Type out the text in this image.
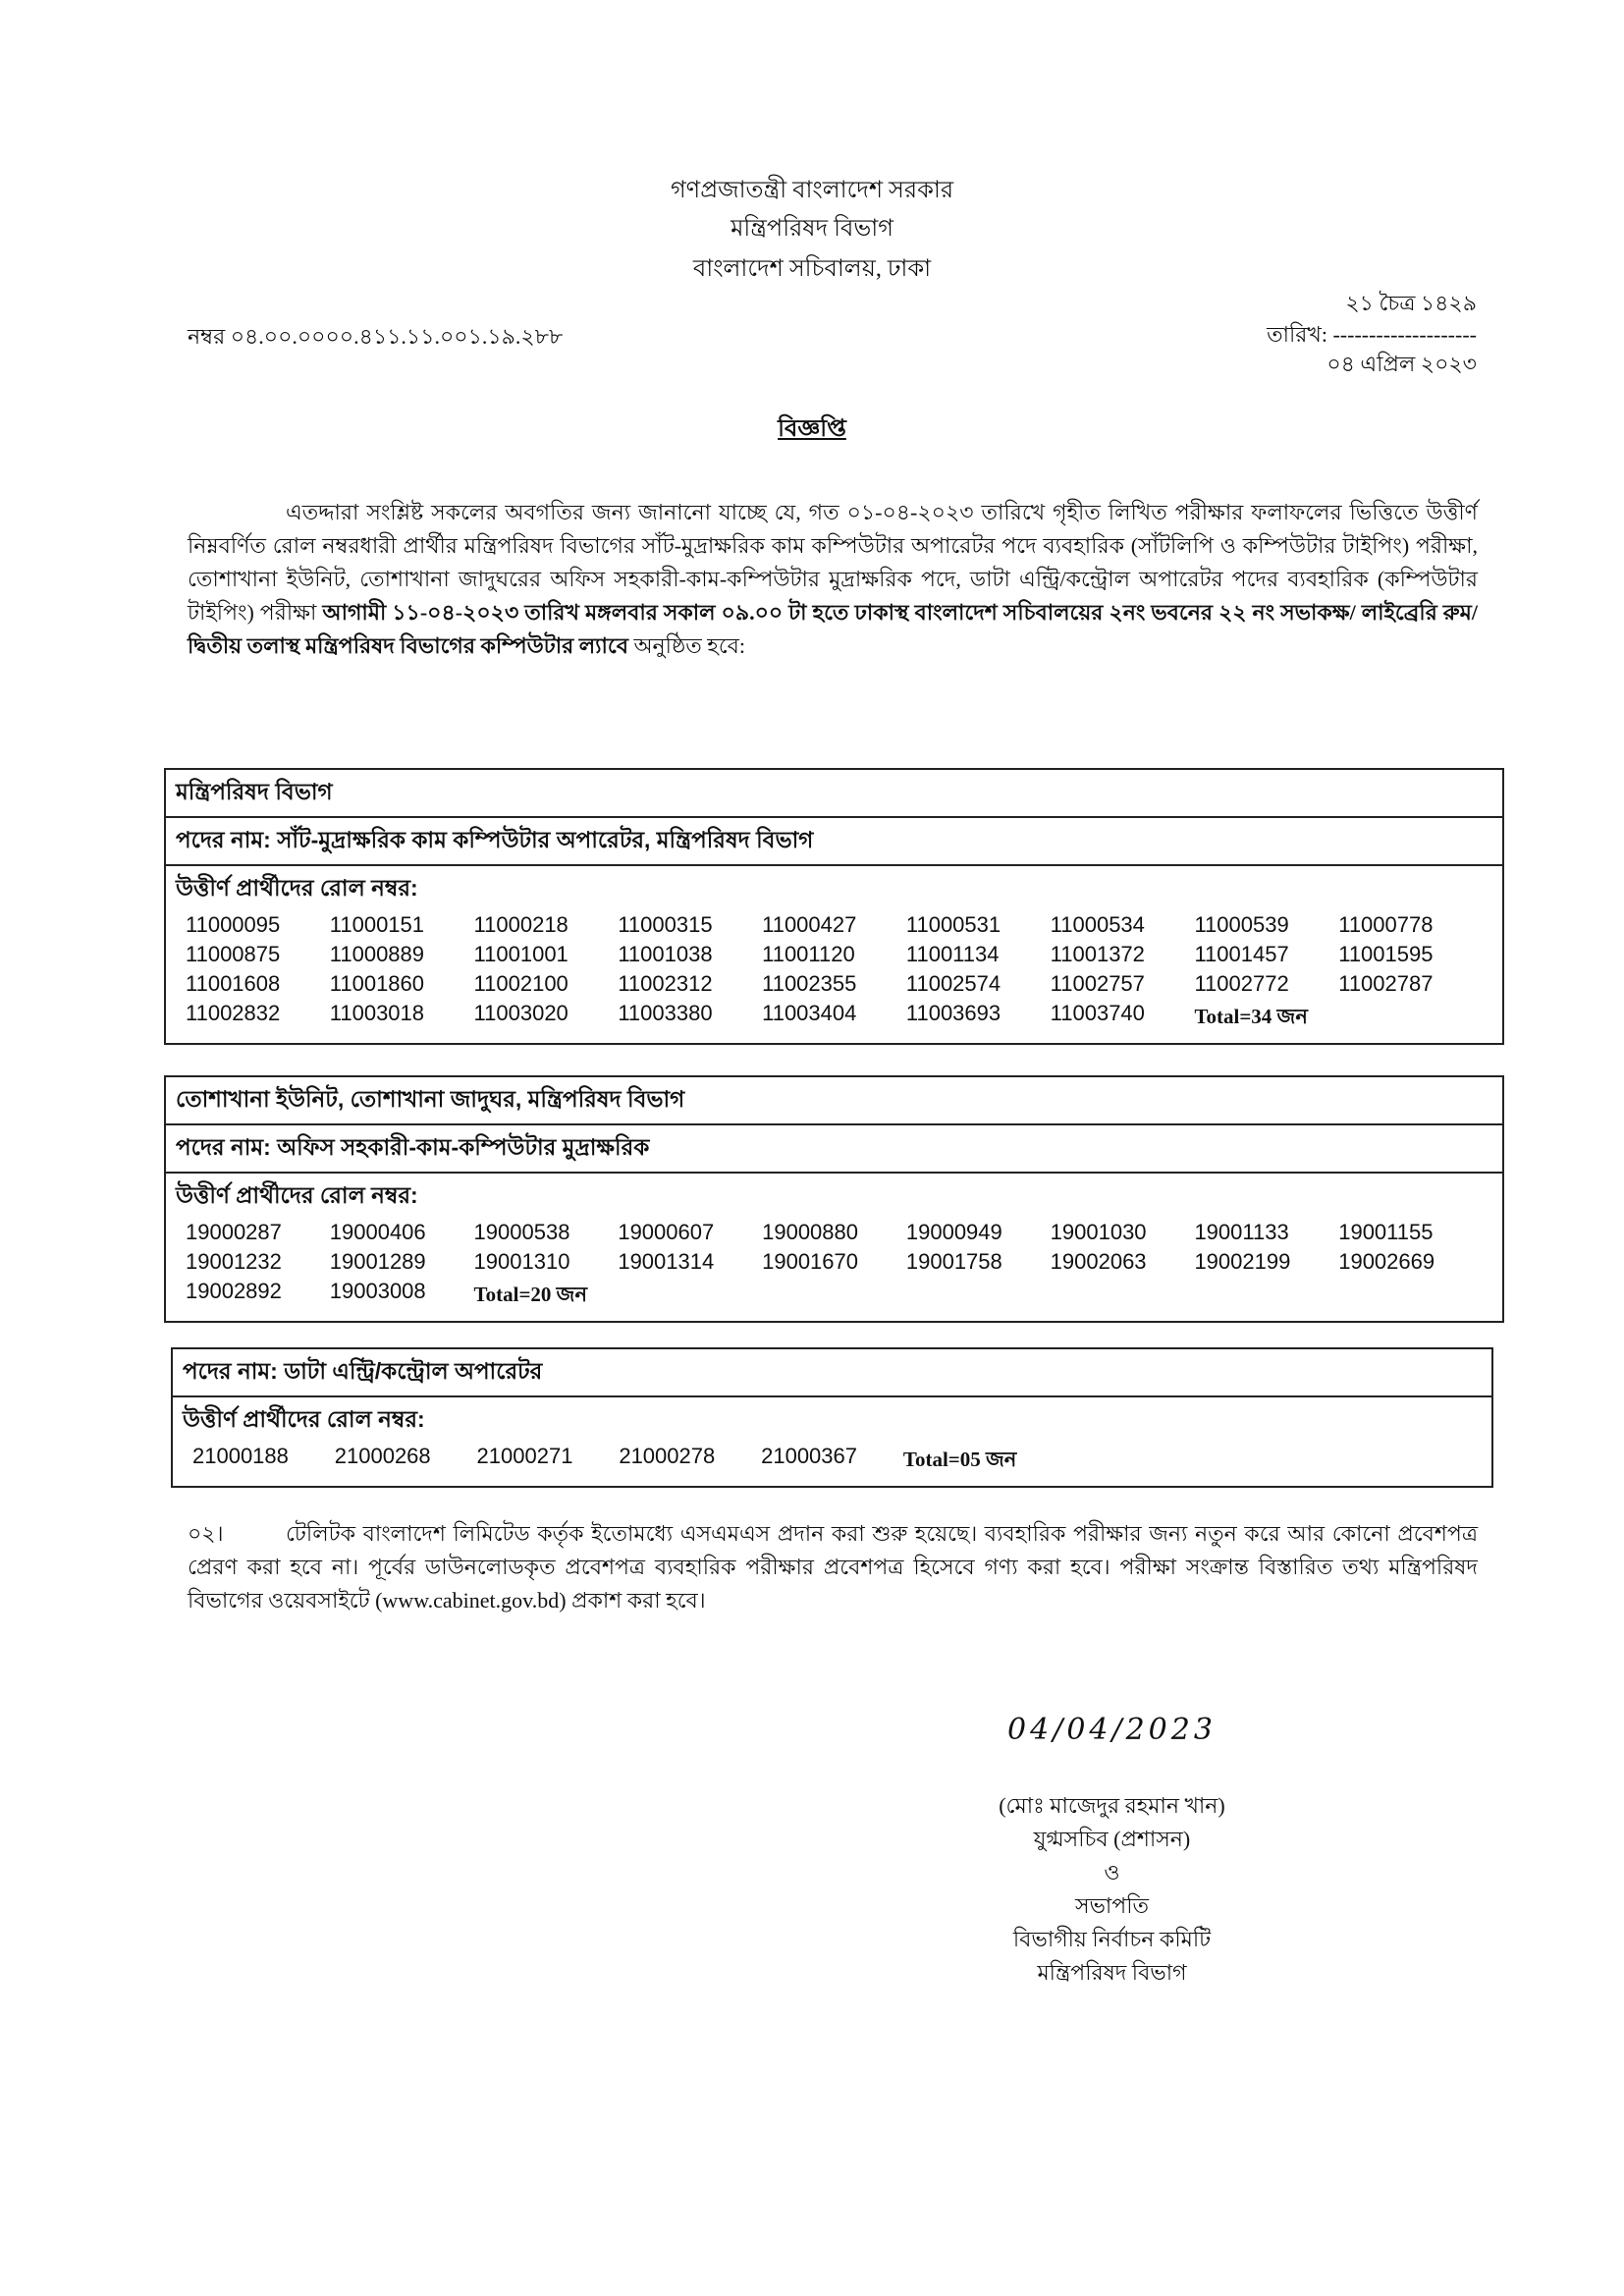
গণপ্রজাতন্ত্রী বাংলাদেশ সরকার
মন্ত্রিপরিষদ বিভাগ
বাংলাদেশ সচিবালয়, ঢাকা
২১ চৈত্র ১৪২৯
তারিখ: --------------------
০৪ এপ্রিল ২০২৩
নম্বর ০৪.০০.০০০০.৪১১.১১.০০১.১৯.২৮৮
বিজ্ঞপ্তি
এতদ্দারা সংশ্লিষ্ট সকলের অবগতির জন্য জানানো যাচ্ছে যে, গত ০১-০৪-২০২৩ তারিখে গৃহীত লিখিত পরীক্ষার ফলাফলের ভিত্তিতে উত্তীর্ণ নিম্নবর্ণিত রোল নম্বরধারী প্রার্থীর মন্ত্রিপরিষদ বিভাগের সাঁট-মুদ্রাক্ষরিক কাম কম্পিউটার অপারেটর পদে ব্যবহারিক (সাঁটলিপি ও কম্পিউটার টাইপিং) পরীক্ষা, তোশাখানা ইউনিট, তোশাখানা জাদুঘরের অফিস সহকারী-কাম-কম্পিউটার মুদ্রাক্ষরিক পদে, ডাটা এন্ট্রি/কন্ট্রোল অপারেটর পদের ব্যবহারিক (কম্পিউটার টাইপিং) পরীক্ষা আগামী ১১-০৪-২০২৩ তারিখ মঙ্গলবার সকাল ০৯.০০ টা হতে ঢাকাস্থ বাংলাদেশ সচিবালয়ের ২নং ভবনের ২২ নং সভাকক্ষ/ লাইব্রেরি রুম/ দ্বিতীয় তলাস্থ মন্ত্রিপরিষদ বিভাগের কম্পিউটার ল্যাবে অনুষ্ঠিত হবে:
মন্ত্রিপরিষদ বিভাগ
পদের নাম: সাঁট-মুদ্রাক্ষরিক কাম কম্পিউটার অপারেটর, মন্ত্রিপরিষদ বিভাগ
উত্তীর্ণ প্রার্থীদের রোল নম্বর:

11000095	11000151	11000218	11000315	11000427	11000531	11000534	11000539	11000778
11000875	11000889	11001001	11001038	11001120	11001134	11001372	11001457	11001595
11001608	11001860	11002100	11002312	11002355	11002574	11002757	11002772	11002787
11002832	11003018	11003020	11003380	11003404	11003693	11003740	Total=34 জন
তোশাখানা ইউনিট, তোশাখানা জাদুঘর, মন্ত্রিপরিষদ বিভাগ
পদের নাম: অফিস সহকারী-কাম-কম্পিউটার মুদ্রাক্ষরিক
উত্তীর্ণ প্রার্থীদের রোল নম্বর:

19000287	19000406	19000538	19000607	19000880	19000949	19001030	19001133	19001155
19001232	19001289	19001310	19001314	19001670	19001758	19002063	19002199	19002669
19002892	19003008	Total=20 জন
পদের নাম: ডাটা এন্ট্রি/কন্ট্রোল অপারেটর
উত্তীর্ণ প্রার্থীদের রোল নম্বর:

21000188	21000268	21000271	21000278	21000367	Total=05 জন
০২।	টেলিটক বাংলাদেশ লিমিটেড কর্তৃক ইতোমধ্যে এসএমএস প্রদান করা শুরু হয়েছে। ব্যবহারিক পরীক্ষার জন্য নতুন করে আর কোনো প্রবেশপত্র প্রেরণ করা হবে না। পূর্বের ডাউনলোডকৃত প্রবেশপত্র ব্যবহারিক পরীক্ষার প্রবেশপত্র হিসেবে গণ্য করা হবে। পরীক্ষা সংক্রান্ত বিস্তারিত তথ্য মন্ত্রিপরিষদ বিভাগের ওয়েবসাইটে (www.cabinet.gov.bd) প্রকাশ করা হবে।
04/04/2023
(মোঃ মাজেদুর রহমান খান)
যুগ্মসচিব (প্রশাসন)
ও
সভাপতি
বিভাগীয় নির্বাচন কমিটি
মন্ত্রিপরিষদ বিভাগ
